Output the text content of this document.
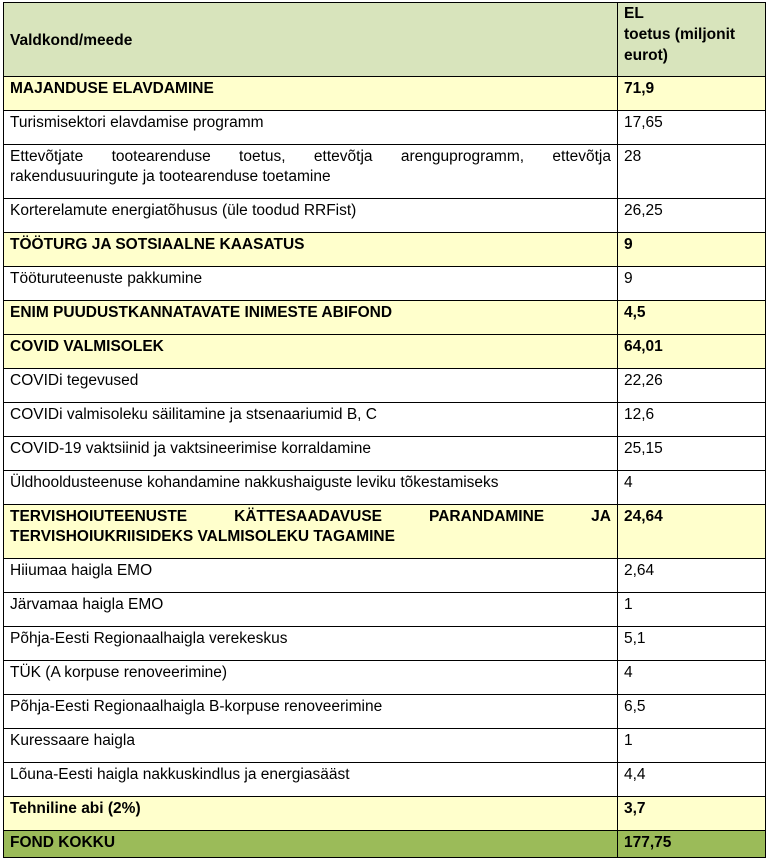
Valdkond/meede	EL
toetus (miljonit
eurot)
MAJANDUSE ELAVDAMINE	71,9
Turismisektori elavdamise programm	17,65
Ettevõtjate tootearenduse toetus, ettevõtja arenguprogramm, ettevõtja rakendusuuringute ja tootearenduse toetamine	28
Korterelamute energiatõhusus (üle toodud RRFist)	26,25
TÖÖTURG JA SOTSIAALNE KAASATUS	9
Tööturuteenuste pakkumine	9
ENIM PUUDUSTKANNATAVATE INIMESTE ABIFOND	4,5
COVID VALMISOLEK	64,01
COVIDi tegevused	22,26
COVIDi valmisoleku säilitamine ja stsenaariumid B, C	12,6
COVID-19 vaktsiinid ja vaktsineerimise korraldamine	25,15
Üldhooldusteenuse kohandamine nakkushaiguste leviku tõkestamiseks	4
TERVISHOIUTEENUSTE KÄTTESAADAVUSE PARANDAMINE JA TERVISHOIUKRIISIDEKS VALMISOLEKU TAGAMINE	24,64
Hiiumaa haigla EMO	2,64
Järvamaa haigla EMO	1
Põhja-Eesti Regionaalhaigla verekeskus	5,1
TÜK (A korpuse renoveerimine)	4
Põhja-Eesti Regionaalhaigla B-korpuse renoveerimine	6,5
Kuressaare haigla	1
Lõuna-Eesti haigla nakkuskindlus ja energiasääst	4,4
Tehniline abi (2%)	3,7
FOND KOKKU	177,75
